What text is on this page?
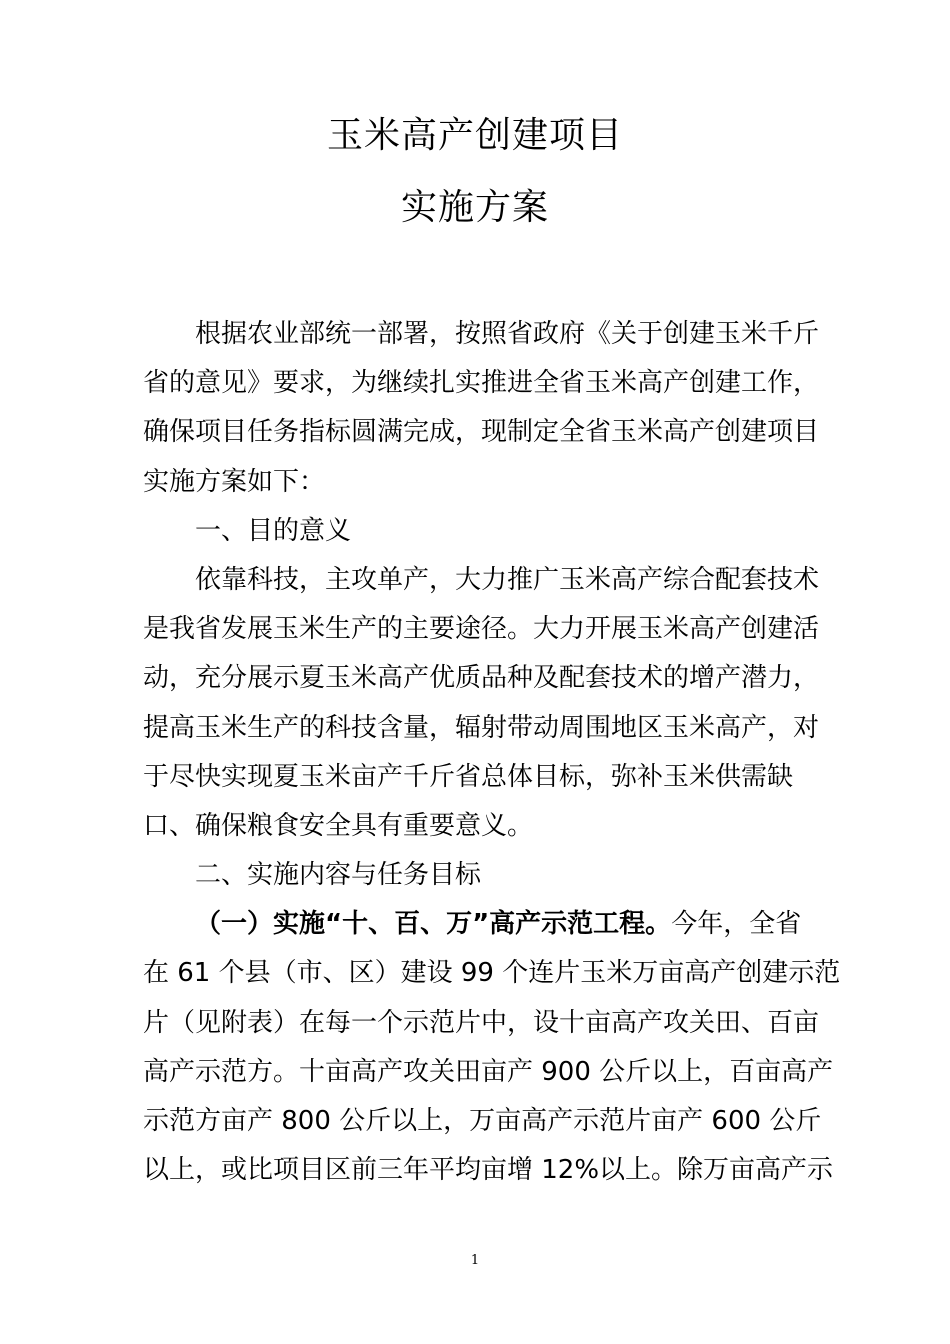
玉米高产创建项目
实施方案
根据农业部统一部署，按照省政府《关于创建玉米千斤
省的意见》要求，为继续扎实推进全省玉米高产创建工作，
确保项目任务指标圆满完成，现制定全省玉米高产创建项目
实施方案如下：
一、目的意义
依靠科技，主攻单产，大力推广玉米高产综合配套技术
是我省发展玉米生产的主要途径。大力开展玉米高产创建活
动，充分展示夏玉米高产优质品种及配套技术的增产潜力，
提高玉米生产的科技含量，辐射带动周围地区玉米高产，对
于尽快实现夏玉米亩产千斤省总体目标，弥补玉米供需缺
口、确保粮食安全具有重要意义。
二、实施内容与任务目标
（一）实施“十、百、万”高产示范工程。今年，全省
在 61 个县（市、区）建设 99 个连片玉米万亩高产创建示范
片（见附表）在每一个示范片中，设十亩高产攻关田、百亩
高产示范方。十亩高产攻关田亩产 900 公斤以上，百亩高产
示范方亩产 800 公斤以上，万亩高产示范片亩产 600 公斤
以上，或比项目区前三年平均亩增 12%以上。除万亩高产示
1
